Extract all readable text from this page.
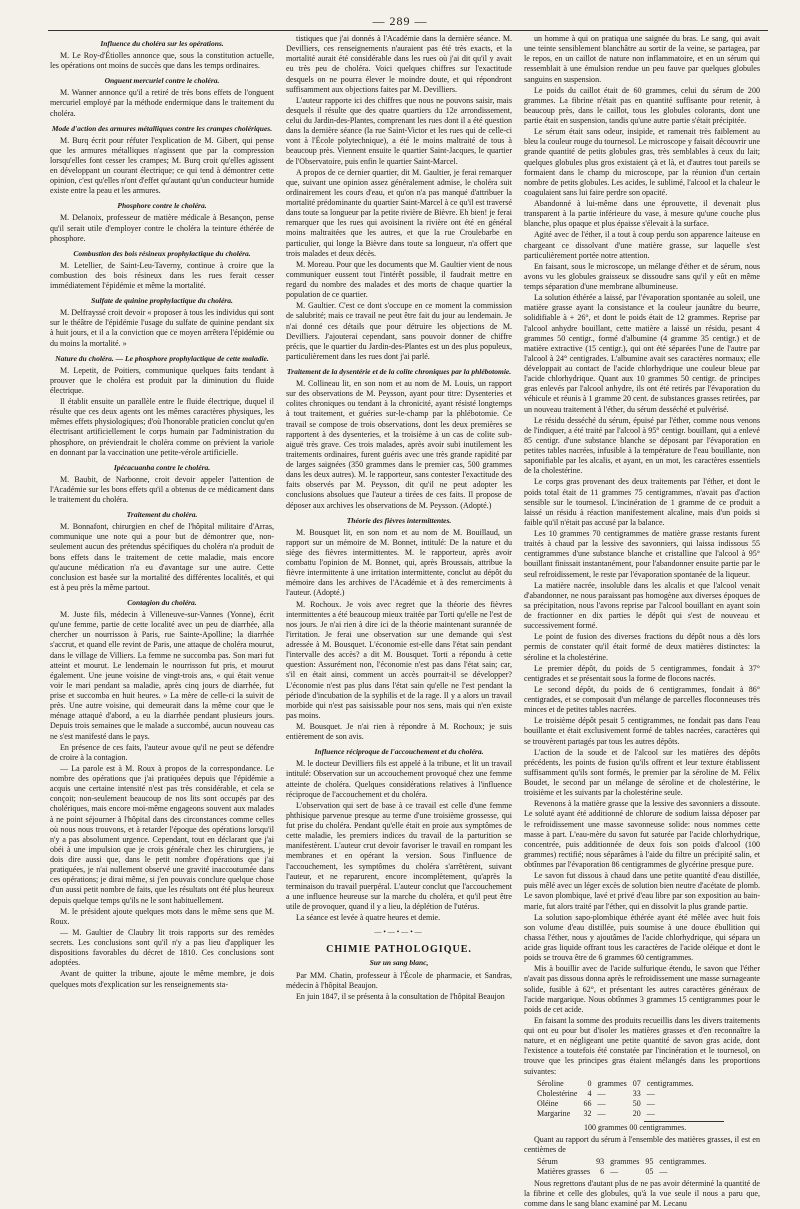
— 289 —
Influence du choléra sur les opérations.

M. Le Roy-d'Étiolles annonce que, sous la constitution actuelle, les opérations ont moins de succès que dans les temps ordinaires.

Onguent mercuriel contre le choléra.

M. Wanner annonce qu'il a retiré de très bons effets de l'onguent mercuriel employé par la méthode endermique dans le traitement du choléra.

Mode d'action des armures métalliques contre les crampes cholériques.

M. Burq écrit pour réfuter l'explication de M. Gibert, qui pense que les armures métalliques n'agissent que par la compression lorsqu'elles font cesser les crampes; M. Burq croit qu'elles agissent en développant un courant électrique; ce qui tend à démontrer cette opinion, c'est qu'elles n'ont d'effet qu'autant qu'un conducteur humide existe entre la peau et les armures.

Phosphore contre le choléra.

M. Delanoix, professeur de matière médicale à Besançon, pense qu'il serait utile d'employer contre le choléra la teinture éthérée de phosphore.

Combustion des bois résineux prophylactique du choléra.

M. Letellier, de Saint-Leu-Taverny, continue à croire que la combustion des bois résineux dans les rues ferait cesser immédiatement l'épidémie et même la mortalité.

Sulfate de quinine prophylactique du choléra.

M. Delfrayssé croit devoir « proposer à tous les individus qui sont sur le théâtre de l'épidémie l'usage du sulfate de quinine pendant six à huit jours, et il a la conviction que ce moyen arrêtera l'épidémie ou du moins la mortalité. »

Nature du choléra. — Le phosphore prophylactique de cette maladie.

M. Lepetit, de Poitiers, communique quelques faits tendant à prouver que le choléra est produit par la diminution du fluide électrique.

Il établit ensuite un parallèle entre le fluide électrique, duquel il résulte que ces deux agents ont les mêmes caractères physiques, les mêmes effets physiologiques; d'où l'honorable praticien conclut qu'en électrisant artificiellement le corps humain par l'administration du phosphore, on préviendrait le choléra comme on prévient la variole en donnant par la vaccination une petite-vérole artificielle.

Ipécacuanha contre le choléra.

M. Baubit, de Narbonne, croit devoir appeler l'attention de l'Académie sur les bons effets qu'il a obtenus de ce médicament dans le traitement du choléra.

Traitement du choléra.

M. Bonnafont, chirurgien en chef de l'hôpital militaire d'Arras, communique une note qui a pour but de démontrer que, non-seulement aucun des prétendus spécifiques du choléra n'a produit de bons effets dans le traitement de cette maladie, mais encore qu'aucune médication n'a eu d'avantage sur une autre. Cette conclusion est basée sur la mortalité des différentes localités, et qui est à peu près la même partout.

Contagion du choléra.

M. Juste fils, médecin à Villeneuve-sur-Vannes (Yonne), écrit qu'une femme, partie de cette localité avec un peu de diarrhée, alla chercher un nourrisson à Paris, rue Sainte-Apolline; la diarrhée s'accrut, et quand elle revint de Paris, une attaque de choléra mourut, dans le village de Villiers. La femme ne succomba pas. Son mari fut atteint et mourut. Le lendemain le nourrisson fut pris, et mourut également. Une jeune voisine de vingt-trois ans, « qui était venue voir le mari pendant sa maladie, après cinq jours de diarrhée, fut prise et succomba en huit heures. » La mère de celle-ci la suivit de près. Une autre voisine, qui demeurait dans la même cour que le ménage attaqué d'abord, a eu la diarrhée pendant plusieurs jours. Depuis trois semaines que le malade a succombé, aucun nouveau cas ne s'est manifesté dans le pays.

En présence de ces faits, l'auteur avoue qu'il ne peut se défendre de croire à la contagion.

— La parole est à M. Roux à propos de la correspondance. Le nombre des opérations que j'ai pratiquées depuis que l'épidémie a acquis une certaine intensité n'est pas très considérable, et cela se conçoit; non-seulement beaucoup de nos lits sont occupés par des cholériques, mais encore moi-même engageons souvent aux malades à ne point séjourner à l'hôpital dans des circonstances comme celles où nous nous trouvons, et à retarder l'époque des opérations lorsqu'il n'y a pas absolument urgence. Cependant, tout en déclarant que j'ai obéi à une impulsion que je crois générale chez les chirurgiens, je dois dire aussi que, dans le petit nombre d'opérations que j'ai pratiquées, je n'ai nullement observé une gravité inaccoutumée dans ces opérations; je dirai même, si j'en pouvais conclure quelque chose d'un aussi petit nombre de faits, que les résultats ont été plus heureux depuis quelque temps qu'ils ne le sont habituellement.

M. le président ajoute quelques mots dans le même sens que M. Roux.

— M. Gaultier de Claubry lit trois rapports sur des remèdes secrets. Les conclusions sont qu'il n'y a pas lieu d'appliquer les dispositions favorables du décret de 1810. Ces conclusions sont adoptées.

Avant de quitter la tribune, ajoute le même membre, je dois quelques mots d'explication sur les renseignements sta-

tistiques que j'ai donnés à l'Académie dans la dernière séance. M. Devilliers, ces renseignements n'auraient pas été très exacts, et la mortalité aurait été considérable dans les rues où j'ai dit qu'il y avait eu très peu de choléra. Voici quelques chiffres sur l'exactitude desquels on ne pourra élever le moindre doute, et qui répondront suffisamment aux objections faites par M. Devilliers.

L'auteur rapporte ici des chiffres que nous ne pouvons saisir, mais desquels il résulte que des quatre quartiers du 12e arrondissement, celui du Jardin-des-Plantes, comprenant les rues dont il a été question dans la dernière séance (la rue Saint-Victor et les rues qui de celle-ci vont à l'École polytechnique), a été le moins maltraité de tous à beaucoup près. Viennent ensuite le quartier Saint-Jacques, le quartier de l'Observatoire, puis enfin le quartier Saint-Marcel.

A propos de ce dernier quartier, dit M. Gaultier, je ferai remarquer que, suivant une opinion assez généralement admise, le choléra suit ordinairement les cours d'eau, et qu'on n'a pas manqué d'attribuer la mortalité prédominante du quartier Saint-Marcel à ce qu'il est traversé dans toute sa longueur par la petite rivière de Bièvre. Eh bien! je ferai remarquer que les rues qui avoisinent la rivière ont été en général moins maltraitées que les autres, et que la rue Croulebarbe en particulier, qui longe la Bièvre dans toute sa longueur, n'a offert que trois malades et deux décès.

M. Moreau. Pour que les documents que M. Gaultier vient de nous communiquer eussent tout l'intérêt possible, il faudrait mettre en regard du nombre des malades et des morts de chaque quartier la population de ce quartier.

M. Gaultier. C'est ce dont s'occupe en ce moment la commission de salubrité; mais ce travail ne peut être fait du jour au lendemain. Je n'ai donné ces détails que pour détruire les objections de M. Devilliers. J'ajouterai cependant, sans pouvoir donner de chiffre précis, que le quartier du Jardin-des-Plantes est un des plus populeux, particulièrement dans les rues dont j'ai parlé.

Traitement de la dysentérie et de la colite chroniques par la phlébotomie.

M. Collineau lit, en son nom et au nom de M. Louis, un rapport sur des observations de M. Peysson, ayant pour titre: Dysenteries et colites chroniques ou tendant à la chronicité, ayant résisté longtemps à tout traitement, et guéries sur-le-champ par la phlébotomie. Ce travail se compose de trois observations, dont les deux premières se rapportent à des dysenteries, et la troisième à un cas de colite sub-aiguë très grave. Ces trois malades, après avoir subi inutilement les traitements ordinaires, furent guéris avec une très grande rapidité par de larges saignées (350 grammes dans le premier cas, 500 grammes dans les deux autres). M. le rapporteur, sans contester l'exactitude des faits observés par M. Peysson, dit qu'il ne peut adopter les conclusions absolues que l'auteur a tirées de ces faits. Il propose de déposer aux archives les observations de M. Peysson. (Adopté.)

Théorie des fièvres intermittentes.

M. Bousquet lit, en son nom et au nom de M. Bouillaud, un rapport sur un mémoire de M. Bonnet, intitulé: De la nature et du siège des fièvres intermittentes. M. le rapporteur, après avoir combattu l'opinion de M. Bonnet, qui, après Broussais, attribue la fièvre intermittente à une irritation intermittente, conclut au dépôt du mémoire dans les archives de l'Académie et à des remerciments à l'auteur. (Adopté.)

M. Rochoux. Je vois avec regret que la théorie des fièvres intermittentes a été beaucoup mieux traitée par Torti qu'elle ne l'est de nos jours. Je n'ai rien à dire ici de la théorie maintenant surannée de l'irritation. Je ferai une observation sur une demande qui s'est adressée à M. Bousquet. L'économie est-elle dans l'état sain pendant l'intervalle des accès? a dit M. Bousquet. Torti a répondu à cette question: Assurément non, l'économie n'est pas dans l'état sain; car, s'il en était ainsi, comment un accès pourrait-il se développer? L'économie n'est pas plus dans l'état sain qu'elle ne l'est pendant la période d'incubation de la syphilis et de la rage. Il y a alors un travail morbide qui n'est pas saisissable pour nos sens, mais qui n'en existe pas moins.

M. Bousquet. Je n'ai rien à répondre à M. Rochoux; je suis entièrement de son avis.

Influence réciproque de l'accouchement et du choléra.

M. le docteur Devilliers fils est appelé à la tribune, et lit un travail intitulé: Observation sur un accouchement provoqué chez une femme atteinte de choléra. Quelques considérations relatives à l'influence réciproque de l'accouchement et du choléra.

L'observation qui sert de base à ce travail est celle d'une femme phthisique parvenue presque au terme d'une troisième grossesse, qui fut prise du choléra. Pendant qu'elle était en proie aux symptômes de cette maladie, les premiers indices du travail de la parturition se manifestèrent. L'auteur crut devoir favoriser le travail en rompant les membranes et en opérant la version. Sous l'influence de l'accouchement, les symptômes du choléra s'arrêtèrent, suivant l'auteur, et ne reparurent, encore incomplètement, qu'après la terminaison du travail puerpéral. L'auteur conclut que l'accouchement a une influence heureuse sur la marche du choléra, et qu'il peut être utile de provoquer, quand il y a lieu, la déplétion de l'utérus.

La séance est levée à quatre heures et demie.

—•—•—•—
CHIMIE PATHOLOGIQUE.
Sur un sang blanc,

Par MM. Chatin, professeur à l'École de pharmacie, et Sandras, médecin à l'hôpital Beaujon.

En juin 1847, il se présenta à la consultation de l'hôpital Beaujon

un homme à qui on pratiqua une saignée du bras. Le sang, qui avait une teinte sensiblement blanchâtre au sortir de la veine, se partagea, par le repos, en un caillot de nature non inflammatoire, et en un sérum qui ressemblait à une émulsion rendue un peu fauve par quelques globules sanguins en suspension.

Le poids du caillot était de 60 grammes, celui du sérum de 200 grammes. La fibrine n'était pas en quantité suffisante pour retenir, à beaucoup près, dans le caillot, tous les globules colorants, dont une partie était en suspension, tandis qu'une autre partie s'était précipitée.

Le sérum était sans odeur, insipide, et ramenait très faiblement au bleu la couleur rouge du tournesol. Le microscope y faisait découvrir une grande quantité de petits globules gras, très semblables à ceux du lait; quelques globules plus gros existaient çà et là, et d'autres tout pareils se formaient dans le champ du microscope, par la réunion d'un certain nombre de petits globules. Les acides, le sublimé, l'alcool et la chaleur le coagulaient sans lui faire perdre son opacité.

Abandonné à lui-même dans une éprouvette, il devenait plus transparent à la partie inférieure du vase, à mesure qu'une couche plus blanche, plus opaque et plus épaisse s'élevait à la surface.

Agité avec de l'éther, il a tout à coup perdu son apparence laiteuse en chargeant ce dissolvant d'une matière grasse, sur laquelle s'est particulièrement portée notre attention.

En faisant, sous le microscope, un mélange d'éther et de sérum, nous avons vu les globules graisseux se dissoudre sans qu'il y eût en même temps séparation d'une membrane albumineuse.

La solution éthérée a laissé, par l'évaporation spontanée au soleil, une matière grasse ayant la consistance et la couleur jaunâtre du beurre, solidifiable à + 26°, et dont le poids était de 12 grammes. Reprise par l'alcool anhydre bouillant, cette matière a laissé un résidu, pesant 4 grammes 50 centigr., formé d'albumine (4 gramme 35 centigr.) et de matière extractive (15 centigr.), qui ont été séparées l'une de l'autre par l'alcool à 24° centigrades. L'albumine avait ses caractères normaux; elle développait au contact de l'acide chlorhydrique une couleur bleue par l'acide chlorhydrique. Quant aux 10 grammes 50 centigr. de principes gras enlevés par l'alcool anhydre, ils ont été retirés par l'évaporation du véhicule et réunis à 1 gramme 20 cent. de substances grasses retirées, par un nouveau traitement à l'éther, du sérum desséché et pulvérisé.

Le résidu desséché du sérum, épuisé par l'éther, comme nous venons de l'indiquer, a été traité par l'alcool à 95° centigr. bouillant, qui a enlevé 85 centigr. d'une substance blanche se déposant par l'évaporation en petites tables nacrées, infusible à la température de l'eau bouillante, non saponifiable par les alcalis, et ayant, en un mot, les caractères essentiels de la cholestérine.

Le corps gras provenant des deux traitements par l'éther, et dont le poids total était de 11 grammes 75 centigrammes, n'avait pas d'action sensible sur le tournesol. L'incinération de 1 gramme de ce produit a laissé un résidu à réaction manifestement alcaline, mais d'un poids si faible qu'il n'était pas accusé par la balance.

Les 10 grammes 70 centigrammes de matière grasse restants furent traités à chaud par la lessive des savonniers, qui laissa indissous 55 centigrammes d'une substance blanche et cristalline que l'alcool à 95° bouillant finissait instantanément, pour l'abandonner ensuite partie par le seul refroidissement, le reste par l'évaporation spontanée de la liqueur.

La matière nacrée, insoluble dans les alcalis et que l'alcool venait d'abandonner, ne nous paraissant pas homogène aux diverses époques de sa précipitation, nous l'avons reprise par l'alcool bouillant en ayant soin de fractionner en dix parties le dépôt qui s'est de nouveau et successivement formé.

Le point de fusion des diverses fractions du dépôt nous a dès lors permis de constater qu'il était formé de deux matières distinctes: la séroline et la cholestérine.

Le premier dépôt, du poids de 5 centigrammes, fondait à 37° centigrades et se présentait sous la forme de flocons nacrés.

Le second dépôt, du poids de 6 centigrammes, fondait à 86° centigrades, et se composait d'un mélange de parcelles floconneuses très minces et de petites tables nacrées.

Le troisième dépôt pesait 5 centigrammes, ne fondait pas dans l'eau bouillante et était exclusivement formé de tables nacrées, caractères qui se trouvèrent partagés par tous les autres dépôts.

L'action de la soude et de l'alcool sur les matières des dépôts précédents, les points de fusion qu'ils offrent et leur texture établissent suffisamment qu'ils sont formés, le premier par la séroline de M. Félix Boudet, le second par un mélange de séroline et de cholestérine, le troisième et les suivants par la cholestérine seule.

Revenons à la matière grasse que la lessive des savonniers a dissoute. Le soluté ayant été additionné de chlorure de sodium laissa déposer par le refroidissement une masse savonneuse solide: nous nommes cette masse à part. L'eau-mère du savon fut saturée par l'acide chlorhydrique, concentrée, puis additionnée de deux fois son poids d'alcool (100 grammes) rectifié; nous séparâmes à l'aide du filtre un précipité salin, et obtînmes par l'évaporation 86 centigrammes de glycérine presque pure.

Le savon fut dissous à chaud dans une petite quantité d'eau distillée, puis mêlé avec un léger excès de solution bien neutre d'acétate de plomb. Le savon plombique, lavé et privé d'eau libre par son exposition au bain-marie, fut alors traité par l'éther, qui en dissolvit la plus grande partie.

La solution sapo-plombique éthérée ayant été mêlée avec huit fois son volume d'eau distillée, puis soumise à une douce ébullition qui chassa l'éther, nous y ajoutâmes de l'acide chlorhydrique, qui sépara un acide gras liquide offrant tous les caractères de l'acide oléique et dont le poids se trouva être de 6 grammes 60 centigrammes.

Mis à bouillir avec de l'acide sulfurique étendu, le savon que l'éther n'avait pas dissous donna après le refroidissement une masse surnageante solide, fusible à 62°, et présentant les autres caractères généraux de l'acide margarique. Nous obtînmes 3 grammes 15 centigrammes pour le poids de cet acide.

En faisant la somme des produits recueillis dans les divers traitements qui ont eu pour but d'isoler les matières grasses et d'en reconnaître la nature, et en négligeant une petite quantité de savon gras acide, dont l'existence a toutefois été constatée par l'incinération et le tournesol, on trouve que les principes gras étaient mélangés dans les proportions suivantes:

Séroline	0	grammes	07	centigrammes.
Cholestérine	4	—	33	—
Oléine	66	—	50	—
Margarine	32	—	20	—
100 grammes 00 centigrammes.

Quant au rapport du sérum à l'ensemble des matières grasses, il est en centièmes de

Sérum	93	grammes	95	centigrammes.
Matières grasses	6	—	05	—

Nous regrettons d'autant plus de ne pas avoir déterminé la quantité de la fibrine et celle des globules, qu'à la vue seule il nous a paru que, comme dans le sang blanc examiné par M. Lecanu
